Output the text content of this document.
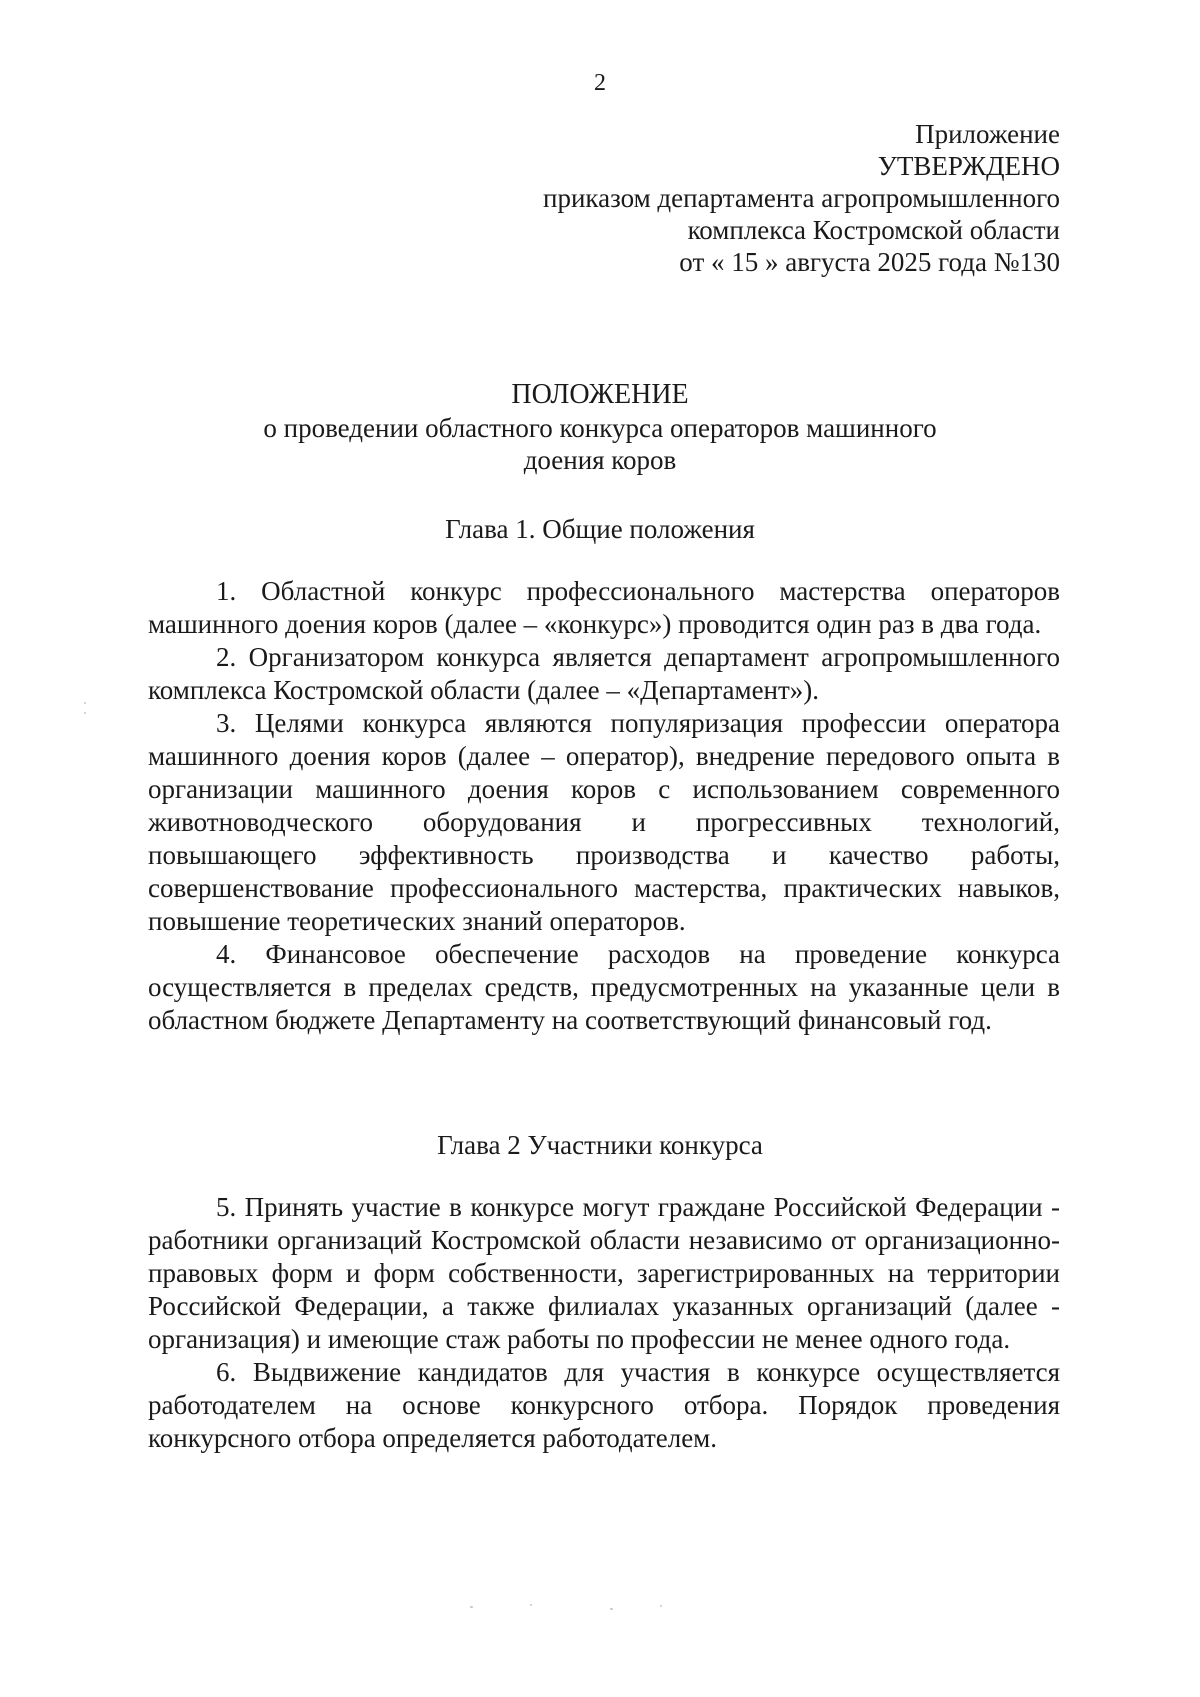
2
Приложение
УТВЕРЖДЕНО
приказом департамента агропромышленного
комплекса Костромской области
от « 15 » августа 2025 года №130
ПОЛОЖЕНИЕ
о проведении областного конкурса операторов машинного
доения коров
Глава 1. Общие положения

1. Областной конкурс профессионального мастерства операторов машинного доения коров (далее – «конкурс») проводится один раз в два года.

2. Организатором конкурса является департамент агропромышленного комплекса Костромской области (далее – «Департамент»).

3. Целями конкурса являются популяризация профессии оператора машинного доения коров (далее – оператор), внедрение передового опыта в организации машинного доения коров с использованием современного животноводческого оборудования и прогрессивных технологий, повышающего эффективность производства и качество работы, совершенствование профессионального мастерства, практических навыков, повышение теоретических знаний операторов.

4. Финансовое обеспечение расходов на проведение конкурса осуществляется в пределах средств, предусмотренных на указанные цели в областном бюджете Департаменту на соответствующий финансовый год.

Глава 2 Участники конкурса

5. Принять участие в конкурсе могут граждане Российской Федерации - работники организаций Костромской области независимо от организационно-правовых форм и форм собственности, зарегистрированных на территории Российской Федерации, а также филиалах указанных организаций (далее - организация) и имеющие стаж работы по профессии не менее одного года.

6. Выдвижение кандидатов для участия в конкурсе осуществляется работодателем на основе конкурсного отбора. Порядок проведения конкурсного отбора определяется работодателем.
